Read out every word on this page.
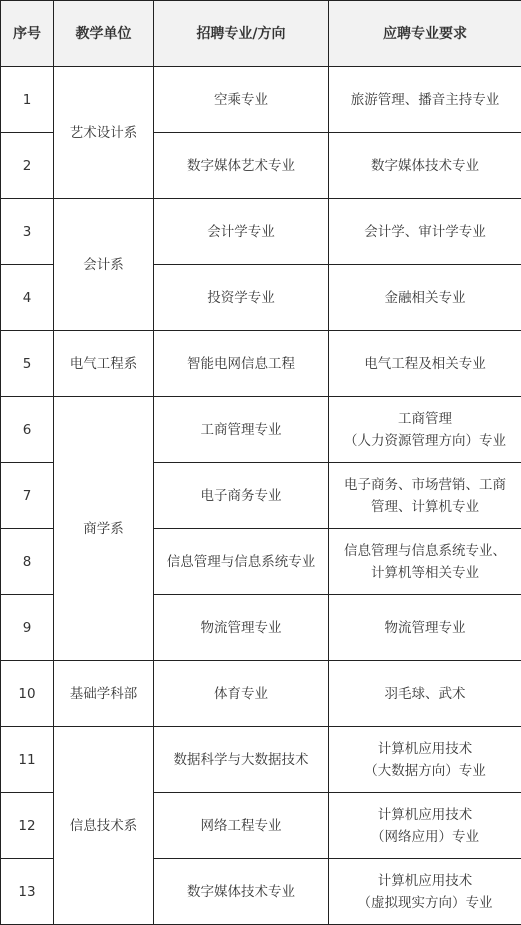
序号	教学单位	招聘专业/方向	应聘专业要求
1	艺术设计系	空乘专业	旅游管理、播音主持专业

2		数字媒体艺术专业	数字媒体技术专业

3	会计系	会计学专业	会计学、审计学专业

4		投资学专业	金融相关专业

5	电气工程系	智能电网信息工程	电气工程及相关专业

6	商学系	工商管理专业	工商管理
（人力资源管理方向）专业

7		电子商务专业	电子商务、市场营销、工商
管理、计算机专业

8		信息管理与信息系统专业	信息管理与信息系统专业、
计算机等相关专业

9		物流管理专业	物流管理专业

10	基础学科部	体育专业	羽毛球、武术

11	信息技术系	数据科学与大数据技术	计算机应用技术
（大数据方向）专业

12		网络工程专业	计算机应用技术
（网络应用）专业

13		数字媒体技术专业	计算机应用技术
（虚拟现实方向）专业
